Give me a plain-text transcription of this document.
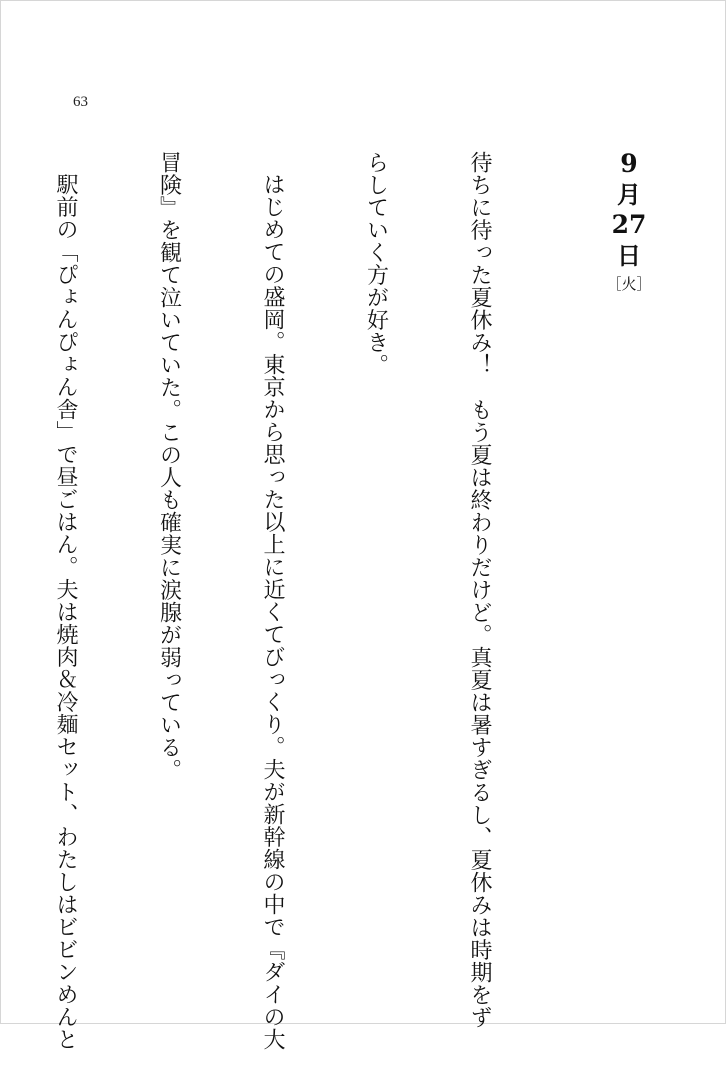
63
9
月
27
日
［火］

待ちに待った夏休み！　もう夏は終わりだけど。真夏は暑すぎるし、夏休みは時期をず

らしていく方が好き。

はじめての盛岡。東京から思った以上に近くてびっくり。夫が新幹線の中で『ダイの大

冒険』を観て泣いていた。この人も確実に涙腺が弱っている。

駅前の「ぴょんぴょん舎」で昼ごはん。夫は焼肉＆冷麺セット、わたしはビビンめんと
